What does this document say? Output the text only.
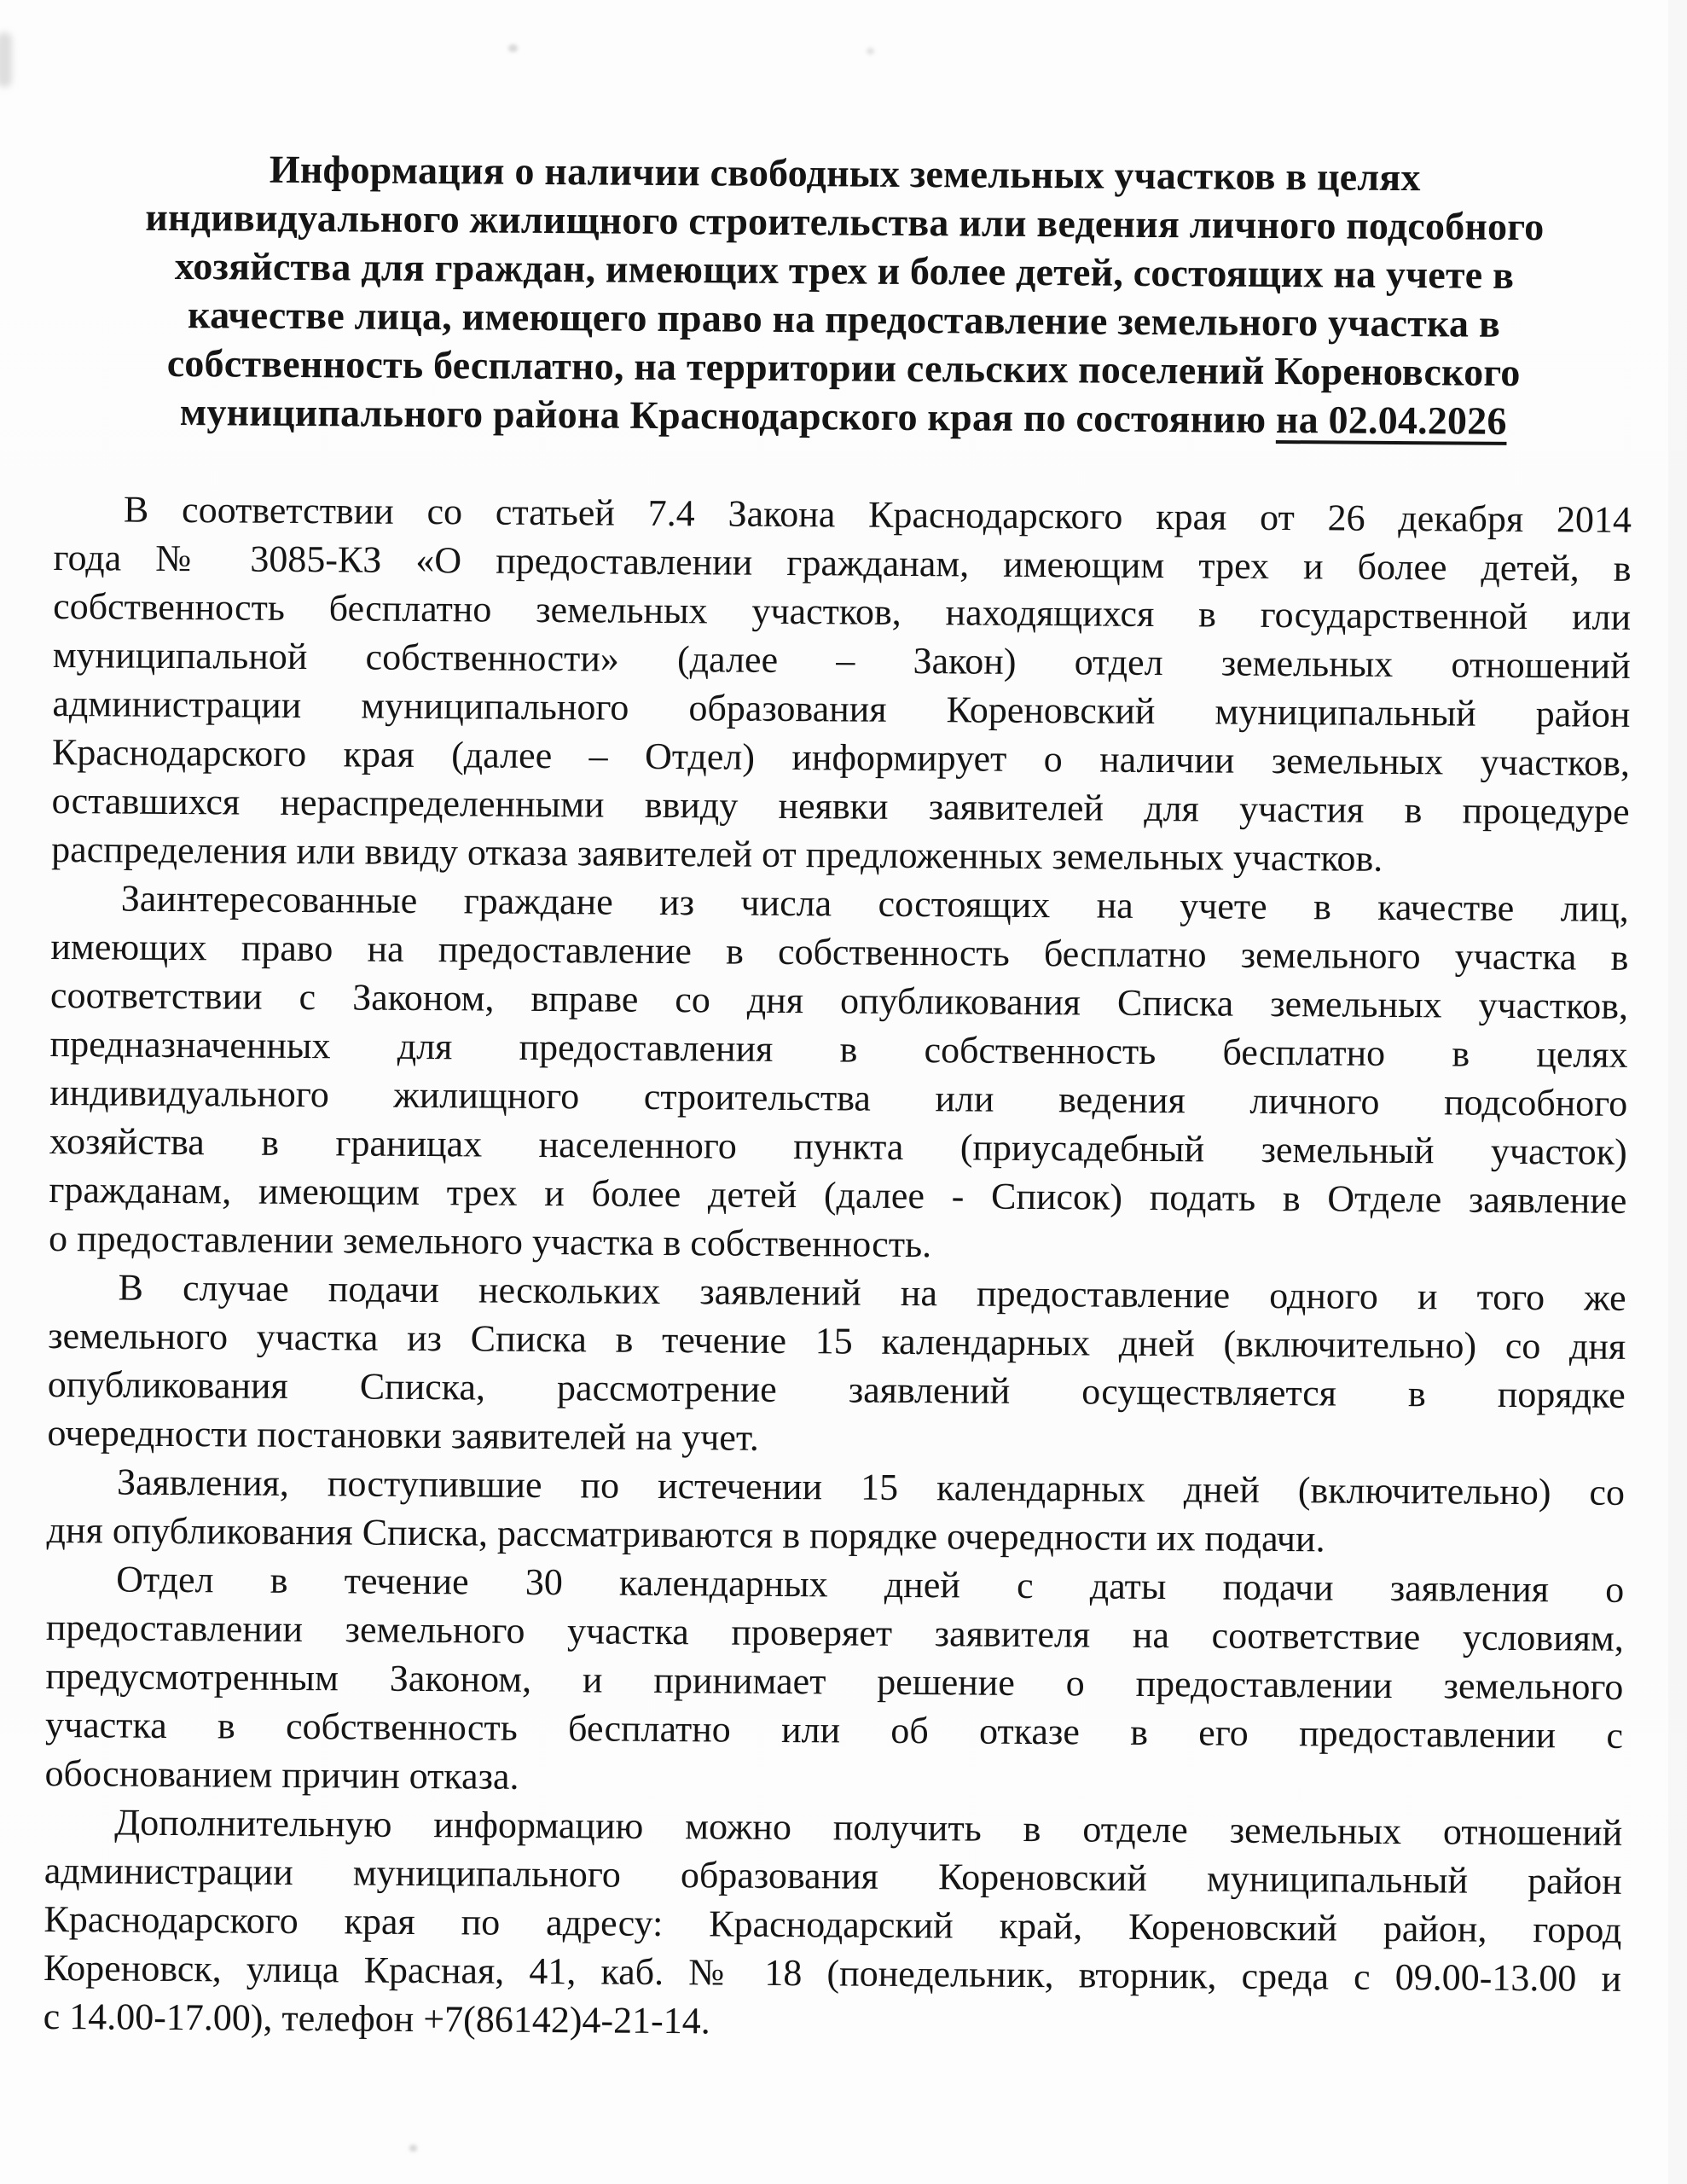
Информация о наличии свободных земельных участков в целях
индивидуального жилищного строительства или ведения личного подсобного
хозяйства для граждан, имеющих трех и более детей, состоящих на учете в
качестве лица, имеющего право на предоставление земельного участка в
собственность бесплатно, на территории сельских поселений Кореновского
муниципального района Краснодарского края по состоянию на 02.04.2026
В соответствии со статьей 7.4 Закона Краснодарского края от 26 декабря 2014
года № 3085-КЗ «О предоставлении гражданам, имеющим трех и более детей, в
собственность бесплатно земельных участков, находящихся в государственной или
муниципальной собственности» (далее – Закон) отдел земельных отношений
администрации муниципального образования Кореновский муниципальный район
Краснодарского края (далее – Отдел) информирует о наличии земельных участков,
оставшихся нераспределенными ввиду неявки заявителей для участия в процедуре
распределения или ввиду отказа заявителей от предложенных земельных участков.
Заинтересованные граждане из числа состоящих на учете в качестве лиц,
имеющих право на предоставление в собственность бесплатно земельного участка в
соответствии с Законом, вправе со дня опубликования Списка земельных участков,
предназначенных для предоставления в собственность бесплатно в целях
индивидуального жилищного строительства или ведения личного подсобного
хозяйства в границах населенного пункта (приусадебный земельный участок)
гражданам, имеющим трех и более детей (далее - Список) подать в Отделе заявление
о предоставлении земельного участка в собственность.
В случае подачи нескольких заявлений на предоставление одного и того же
земельного участка из Списка в течение 15 календарных дней (включительно) со дня
опубликования Списка, рассмотрение заявлений осуществляется в порядке
очередности постановки заявителей на учет.
Заявления, поступившие по истечении 15 календарных дней (включительно) со
дня опубликования Списка, рассматриваются в порядке очередности их подачи.
Отдел в течение 30 календарных дней с даты подачи заявления о
предоставлении земельного участка проверяет заявителя на соответствие условиям,
предусмотренным Законом, и принимает решение о предоставлении земельного
участка в собственность бесплатно или об отказе в его предоставлении с
обоснованием причин отказа.
Дополнительную информацию можно получить в отделе земельных отношений
администрации муниципального образования Кореновский муниципальный район
Краснодарского края по адресу: Краснодарский край, Кореновский район, город
Кореновск, улица Красная, 41, каб. № 18 (понедельник, вторник, среда с 09.00-13.00 и
с 14.00-17.00), телефон +7(86142)4-21-14.
